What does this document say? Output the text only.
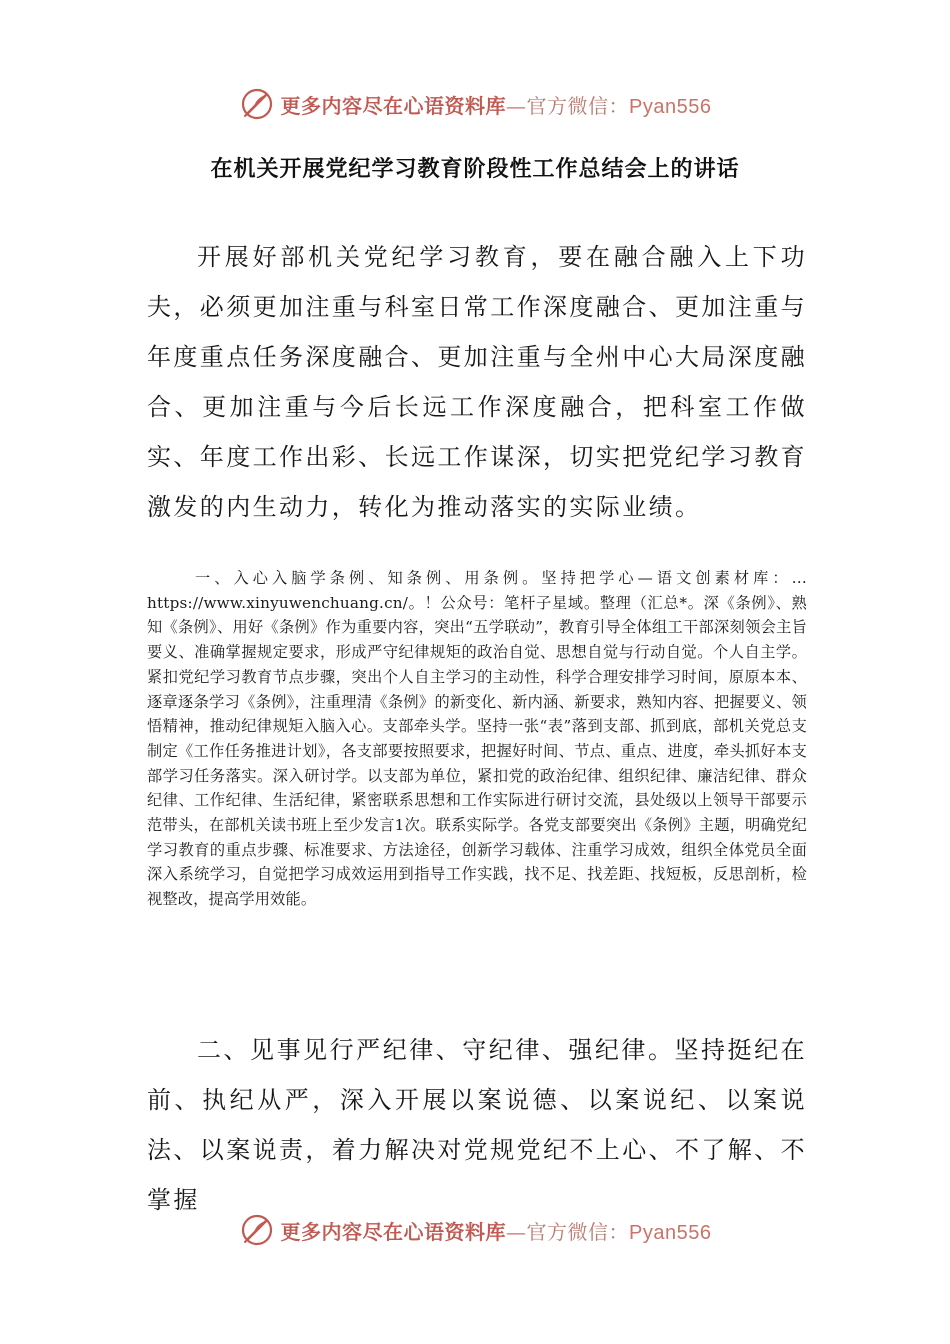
更多内容尽在心语资料库—官方微信：Pyan556
在机关开展党纪学习教育阶段性工作总结会上的讲话

开展好部机关党纪学习教育，要在融合融入上下功夫，必须更加注重与科室日常工作深度融合、更加注重与年度重点任务深度融合、更加注重与全州中心大局深度融合、更加注重与今后长远工作深度融合，把科室工作做实、年度工作出彩、长远工作谋深，切实把党纪学习教育激发的内生动力，转化为推动落实的实际业绩。

一、入心入脑学条例、知条例、用条例。坚持把学心—语文创素材库：…https://www.xinyuwenchuang.cn/。！公众号：笔杆子星域。整理（汇总*。深《条例》、熟知《条例》、用好《条例》作为重要内容，突出“五学联动”，教育引导全体组工干部深刻领会主旨要义、准确掌握规定要求，形成严守纪律规矩的政治自觉、思想自觉与行动自觉。个人自主学。紧扣党纪学习教育节点步骤，突出个人自主学习的主动性，科学合理安排学习时间，原原本本、逐章逐条学习《条例》，注重理清《条例》的新变化、新内涵、新要求，熟知内容、把握要义、领悟精神，推动纪律规矩入脑入心。支部牵头学。坚持一张“表”落到支部、抓到底，部机关党总支制定《工作任务推进计划》，各支部要按照要求，把握好时间、节点、重点、进度，牵头抓好本支部学习任务落实。深入研讨学。以支部为单位，紧扣党的政治纪律、组织纪律、廉洁纪律、群众纪律、工作纪律、生活纪律，紧密联系思想和工作实际进行研讨交流，县处级以上领导干部要示范带头，在部机关读书班上至少发言1次。联系实际学。各党支部要突出《条例》主题，明确党纪学习教育的重点步骤、标准要求、方法途径，创新学习载体、注重学习成效，组织全体党员全面深入系统学习，自觉把学习成效运用到指导工作实践，找不足、找差距、找短板，反思剖析，检视整改，提高学用效能。

二、见事见行严纪律、守纪律、强纪律。坚持挺纪在前、执纪从严，深入开展以案说德、以案说纪、以案说法、以案说责，着力解决对党规党纪不上心、不了解、不掌握

更多内容尽在心语资料库—官方微信：Pyan556
